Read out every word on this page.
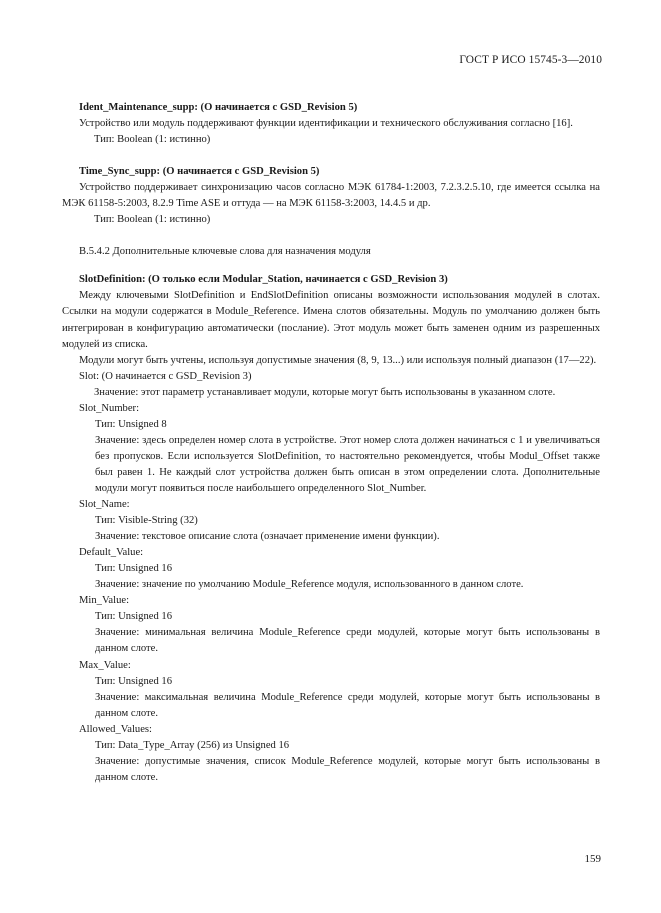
ГОСТ Р ИСО 15745-3—2010

Ident_Maintenance_supp: (О начинается с GSD_Revision 5)

Устройство или модуль поддерживают функции идентификации и технического обслуживания согласно [16].

Тип: Boolean (1: истинно)

Time_Sync_supp: (О начинается с GSD_Revision 5)

Устройство поддерживает синхронизацию часов согласно МЭК 61784-1:2003, 7.2.3.2.5.10, где имеется ссылка на МЭК 61158-5:2003, 8.2.9 Time ASE и оттуда — на МЭК 61158-3:2003, 14.4.5 и др.

Тип: Boolean (1: истинно)

B.5.4.2 Дополнительные ключевые слова для назначения модуля

SlotDefinition: (О только если Modular_Station, начинается с GSD_Revision 3)

Между ключевыми SlotDefinition и EndSlotDefinition описаны возможности использования модулей в слотах. Ссылки на модули содержатся в Module_Reference. Имена слотов обязательны. Модуль по умолчанию должен быть интегрирован в конфигурацию автоматически (послание). Этот модуль может быть заменен одним из разрешенных модулей из списка.

Модули могут быть учтены, используя допустимые значения (8, 9, 13...) или используя полный диапазон (17—22).

Slot: (О начинается с GSD_Revision 3)

Значение: этот параметр устанавливает модули, которые могут быть использованы в указанном слоте.

Slot_Number:

Тип: Unsigned 8

Значение: здесь определен номер слота в устройстве. Этот номер слота должен начинаться с 1 и увеличиваться без пропусков. Если используется SlotDefinition, то настоятельно рекомендуется, чтобы Modul_Offset также был равен 1. Не каждый слот устройства должен быть описан в этом определении слота. Дополнительные модули могут появиться после наибольшего определенного Slot_Number.

Slot_Name:

Тип: Visible-String (32)

Значение: текстовое описание слота (означает применение имени функции).

Default_Value:

Тип: Unsigned 16

Значение: значение по умолчанию Module_Reference модуля, использованного в данном слоте.

Min_Value:

Тип: Unsigned 16

Значение: минимальная величина Module_Reference среди модулей, которые могут быть использованы в данном слоте.

Max_Value:

Тип: Unsigned 16

Значение: максимальная величина Module_Reference среди модулей, которые могут быть использованы в данном слоте.

Allowed_Values:

Тип: Data_Type_Array (256) из Unsigned 16

Значение: допустимые значения, список Module_Reference модулей, которые могут быть использованы в данном слоте.

159
